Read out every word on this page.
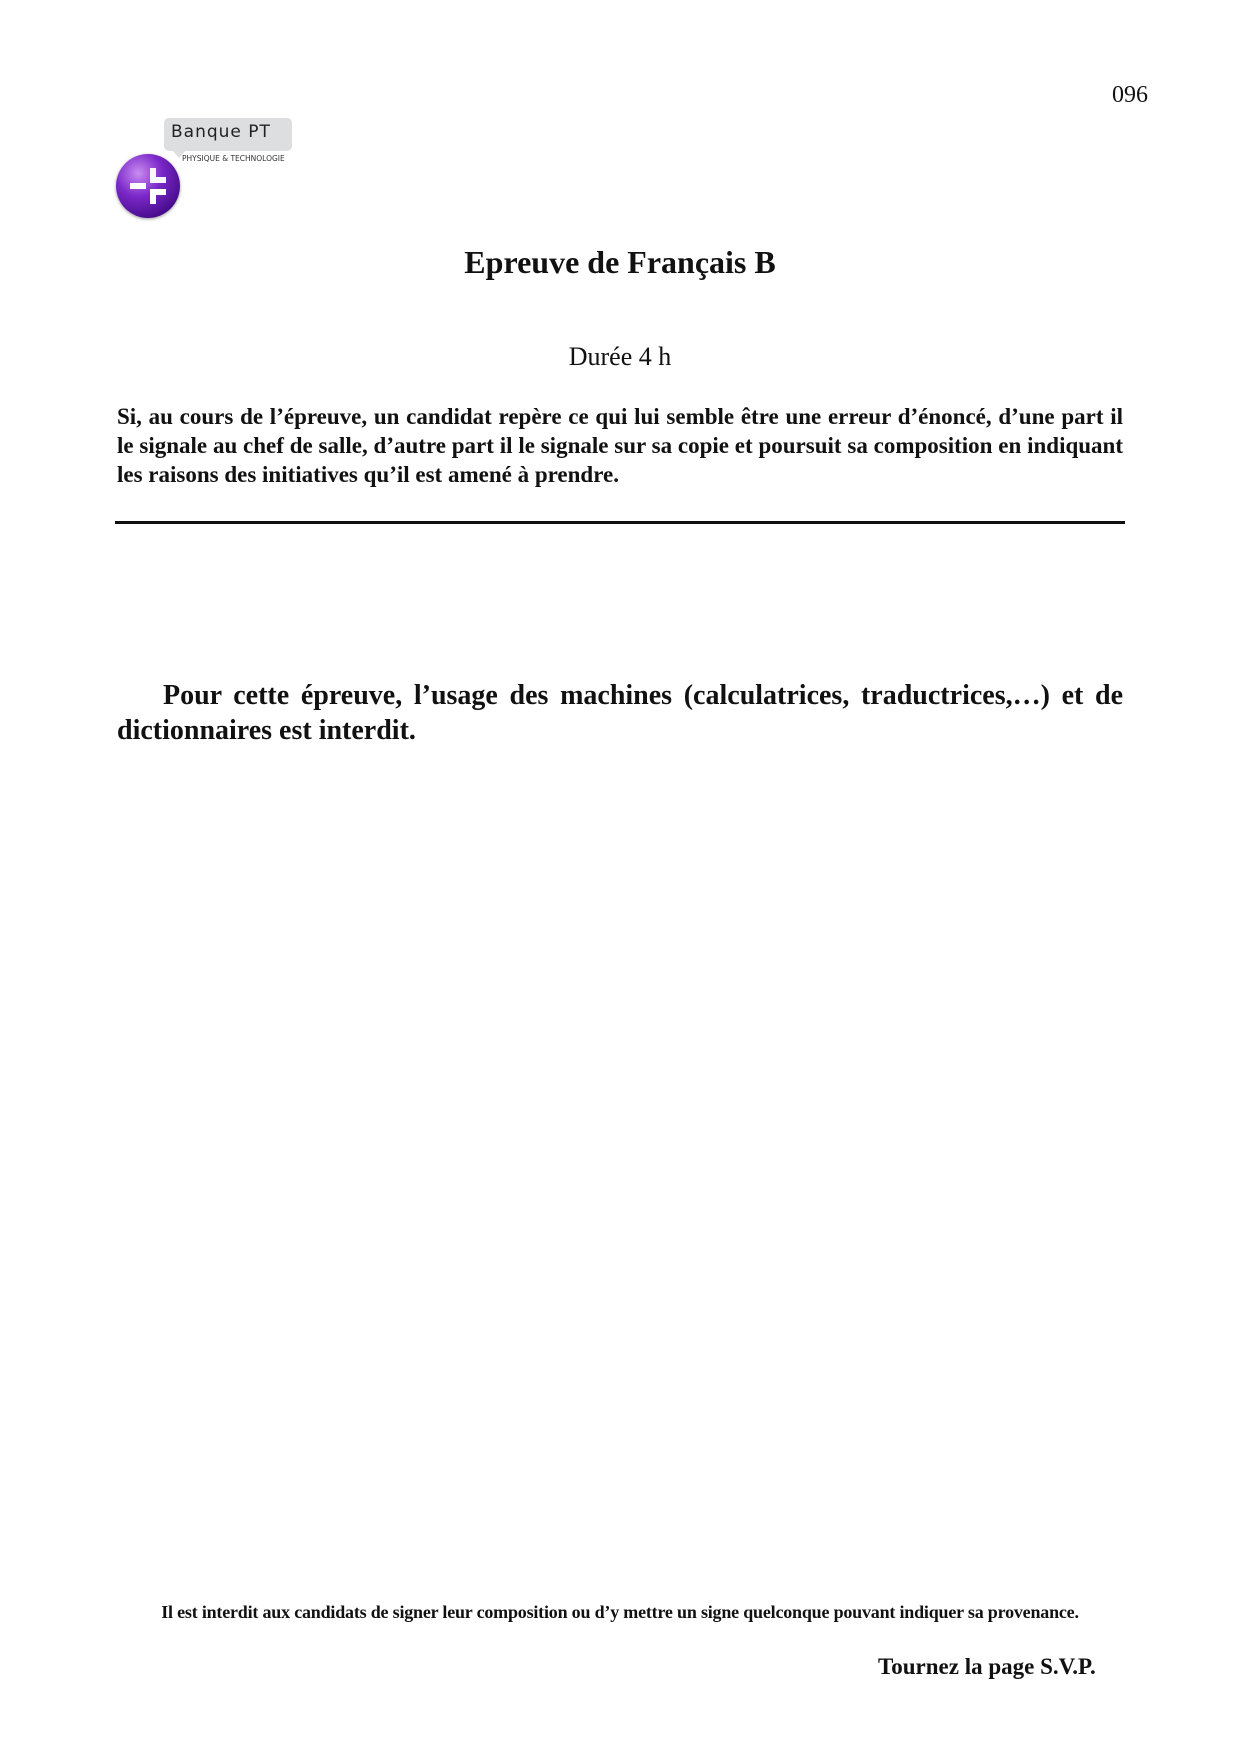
096
Banque PT
PHYSIQUE & TECHNOLOGIE
Epreuve de Français B
Durée 4 h
Si, au cours de l’épreuve, un candidat repère ce qui lui semble être une erreur d’énoncé, d’une part il le signale au chef de salle, d’autre part il le signale sur sa copie et poursuit sa composition en indiquant les raisons des initiatives qu’il est amené à prendre.
Pour cette épreuve, l’usage des machines (calculatrices, traductrices,…) et de dictionnaires est interdit.
Il est interdit aux candidats de signer leur composition ou d’y mettre un signe quelconque pouvant indiquer sa provenance.
Tournez la page S.V.P.
